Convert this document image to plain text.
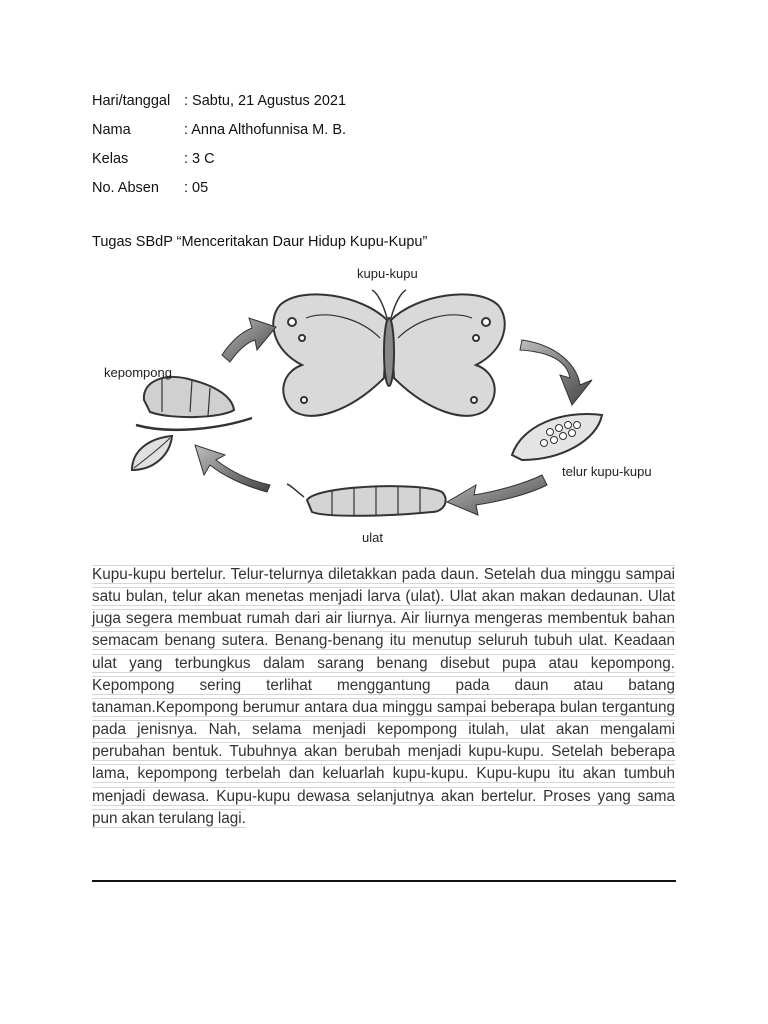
Hari/tanggal : Sabtu, 21 Agustus 2021
Nama	: Anna Althofunnisa M. B.
Kelas	: 3 C
No. Absen	: 05
Tugas SBdP “Menceritakan Daur Hidup Kupu-Kupu”
kupu-kupu
telur kupu-kupu
ulat
kepompong
Kupu-kupu bertelur. Telur-telurnya diletakkan pada daun. Setelah dua minggu sampai satu bulan, telur akan menetas menjadi larva (ulat). Ulat akan makan dedaunan. Ulat juga segera membuat rumah dari air liurnya. Air liurnya mengeras membentuk bahan semacam benang sutera. Benang-benang itu menutup seluruh tubuh ulat. Keadaan ulat yang terbungkus dalam sarang benang disebut pupa atau kepompong. Kepompong sering terlihat menggantung pada daun atau batang tanaman.Kepompong berumur antara dua minggu sampai beberapa bulan tergantung pada jenisnya. Nah, selama menjadi kepompong itulah, ulat akan mengalami perubahan bentuk. Tubuhnya akan berubah menjadi kupu-kupu. Setelah beberapa lama, kepompong terbelah dan keluarlah kupu-kupu. Kupu-kupu itu akan tumbuh menjadi dewasa. Kupu-kupu dewasa selanjutnya akan bertelur. Proses yang sama pun akan terulang lagi.
